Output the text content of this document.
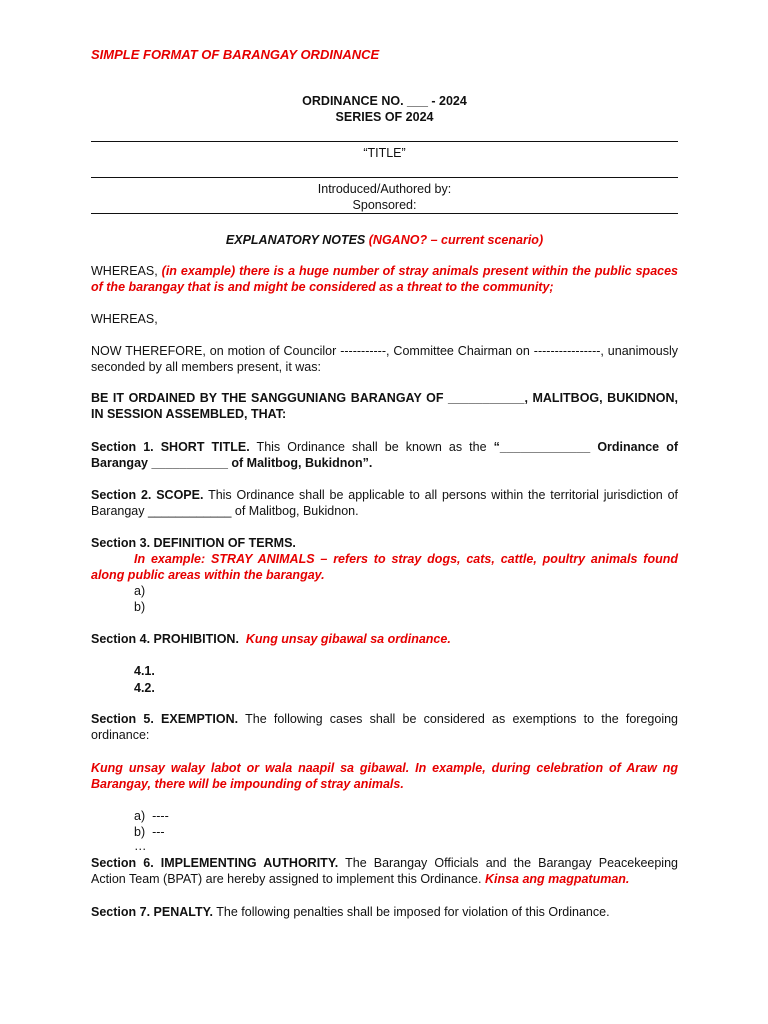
SIMPLE FORMAT OF BARANGAY ORDINANCE
ORDINANCE NO. ___ - 2024
SERIES OF 2024
“TITLE”
Introduced/Authored by:
Sponsored:
EXPLANATORY NOTES (NGANO? – current scenario)
WHEREAS, (in example) there is a huge number of stray animals present within the public spaces of the barangay that is and might be considered as a threat to the community;
WHEREAS,
NOW THEREFORE, on motion of Councilor -----------, Committee Chairman on ----------------, unanimously seconded by all members present, it was:
BE IT ORDAINED BY THE SANGGUNIANG BARANGAY OF ___________, MALITBOG, BUKIDNON, IN SESSION ASSEMBLED, THAT:
Section 1. SHORT TITLE. This Ordinance shall be known as the “_____________ Ordinance of Barangay ___________ of Malitbog, Bukidnon”.
Section 2. SCOPE. This Ordinance shall be applicable to all persons within the territorial jurisdiction of Barangay ____________ of Malitbog, Bukidnon.
Section 3. DEFINITION OF TERMS.
In example: STRAY ANIMALS – refers to stray dogs, cats, cattle, poultry animals found along public areas within the barangay.
a)
b)
Section 4. PROHIBITION. Kung unsay gibawal sa ordinance.
4.1.
4.2.
Section 5. EXEMPTION. The following cases shall be considered as exemptions to the foregoing ordinance:
Kung unsay walay labot or wala naapil sa gibawal. In example, during celebration of Araw ng Barangay, there will be impounding of stray animals.
a) ----
b) ---
…
Section 6. IMPLEMENTING AUTHORITY. The Barangay Officials and the Barangay Peacekeeping Action Team (BPAT) are hereby assigned to implement this Ordinance. Kinsa ang magpatuman.
Section 7. PENALTY. The following penalties shall be imposed for violation of this Ordinance.
